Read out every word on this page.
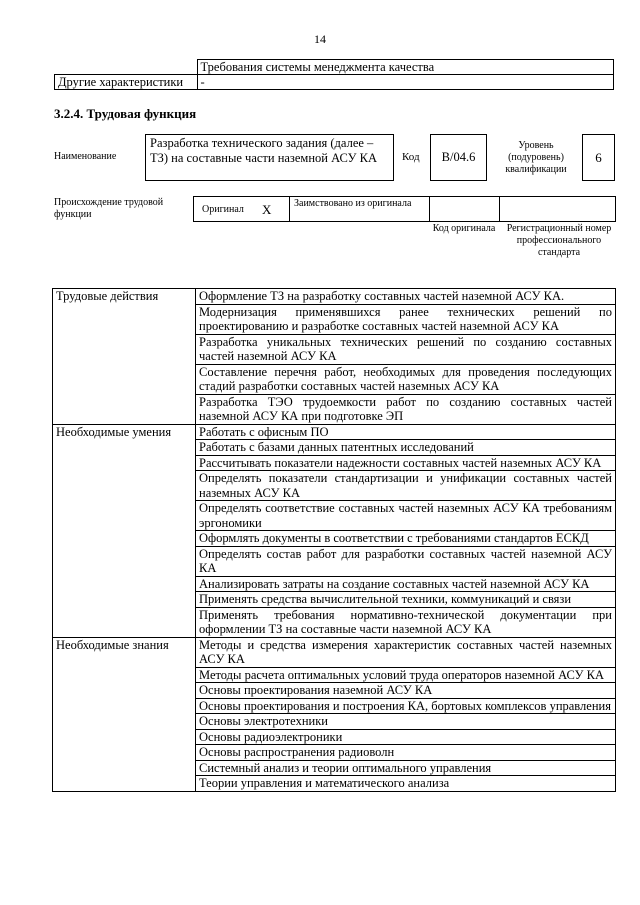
14
	Требования системы менеджмента качества
Другие характеристики	-
3.2.4. Трудовая функция
Наименование
Разработка технического задания (далее – ТЗ) на составные части наземной АСУ КА	Код	B/04.6
Уровень (подуровень) квалификации
6
Происхождение трудовой функции	Оригинал X Заимствовано из оригинала
Код оригинала	Регистрационный номер профессионального стандарта
Трудовые действия	Оформление ТЗ на разработку составных частей наземной АСУ КА.
	Модернизация применявшихся ранее технических решений по проектированию и разработке составных частей наземной АСУ КА
	Разработка уникальных технических решений по созданию составных частей наземной АСУ КА
	Составление перечня работ, необходимых для проведения последующих стадий разработки составных частей наземных АСУ КА
	Разработка ТЭО трудоемкости работ по созданию составных частей наземной АСУ КА при подготовке ЭП
Необходимые умения	Работать с офисным ПО
	Работать с базами данных патентных исследований
	Рассчитывать показатели надежности составных частей наземных АСУ КА
	Определять показатели стандартизации и унификации составных частей наземных АСУ КА
	Определять соответствие составных частей наземных АСУ КА требованиям эргономики
	Оформлять документы в соответствии с требованиями стандартов ЕСКД
	Определять состав работ для разработки составных частей наземной АСУ КА
	Анализировать затраты на создание составных частей наземной АСУ КА
	Применять средства вычислительной техники, коммуникаций и связи
	Применять требования нормативно-технической документации при оформлении ТЗ на составные части наземной АСУ КА
Необходимые знания	Методы и средства измерения характеристик составных частей наземных АСУ КА
	Методы расчета оптимальных условий труда операторов наземной АСУ КА
	Основы проектирования наземной АСУ КА
	Основы проектирования и построения КА, бортовых комплексов управления
	Основы электротехники
	Основы радиоэлектроники
	Основы распространения радиоволн
	Системный анализ и теории оптимального управления
	Теории управления и математического анализа
